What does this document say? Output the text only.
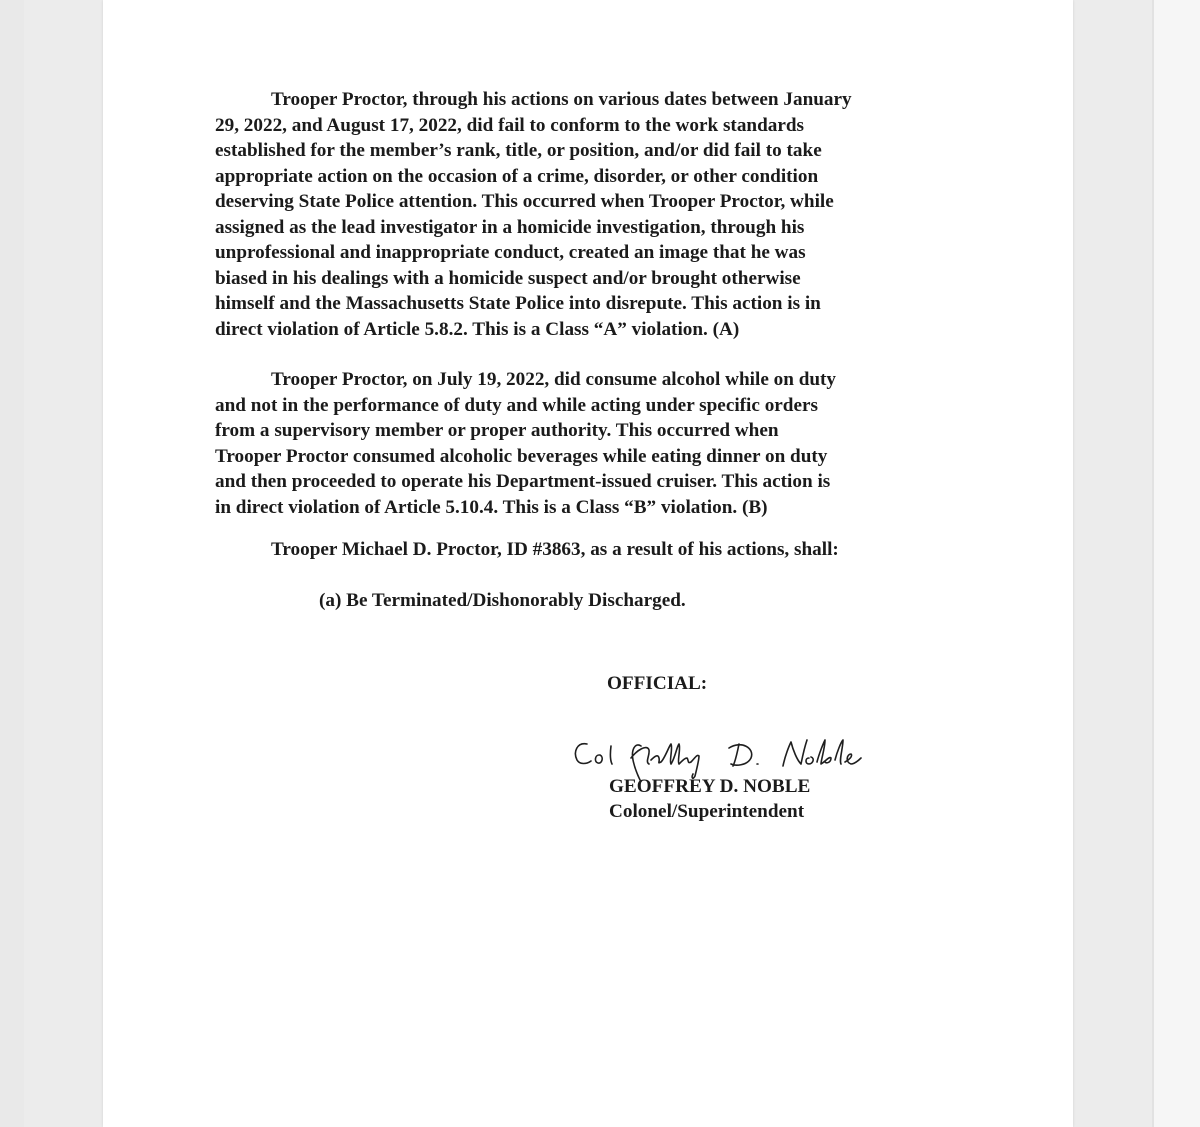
Trooper Proctor, through his actions on various dates between January
29, 2022, and August 17, 2022, did fail to conform to the work standards
established for the member’s rank, title, or position, and/or did fail to take
appropriate action on the occasion of a crime, disorder, or other condition
deserving State Police attention. This occurred when Trooper Proctor, while
assigned as the lead investigator in a homicide investigation, through his
unprofessional and inappropriate conduct, created an image that he was
biased in his dealings with a homicide suspect and/or brought otherwise
himself and the Massachusetts State Police into disrepute. This action is in
direct violation of Article 5.8.2. This is a Class “A” violation. (A)

Trooper Proctor, on July 19, 2022, did consume alcohol while on duty
and not in the performance of duty and while acting under specific orders
from a supervisory member or proper authority. This occurred when
Trooper Proctor consumed alcoholic beverages while eating dinner on duty
and then proceeded to operate his Department-issued cruiser. This action is
in direct violation of Article 5.10.4. This is a Class “B” violation. (B)

Trooper Michael D. Proctor, ID #3863, as a result of his actions, shall:

(a) Be Terminated/Dishonorably Discharged.

OFFICIAL:
GEOFFREY D. NOBLE
Colonel/Superintendent
